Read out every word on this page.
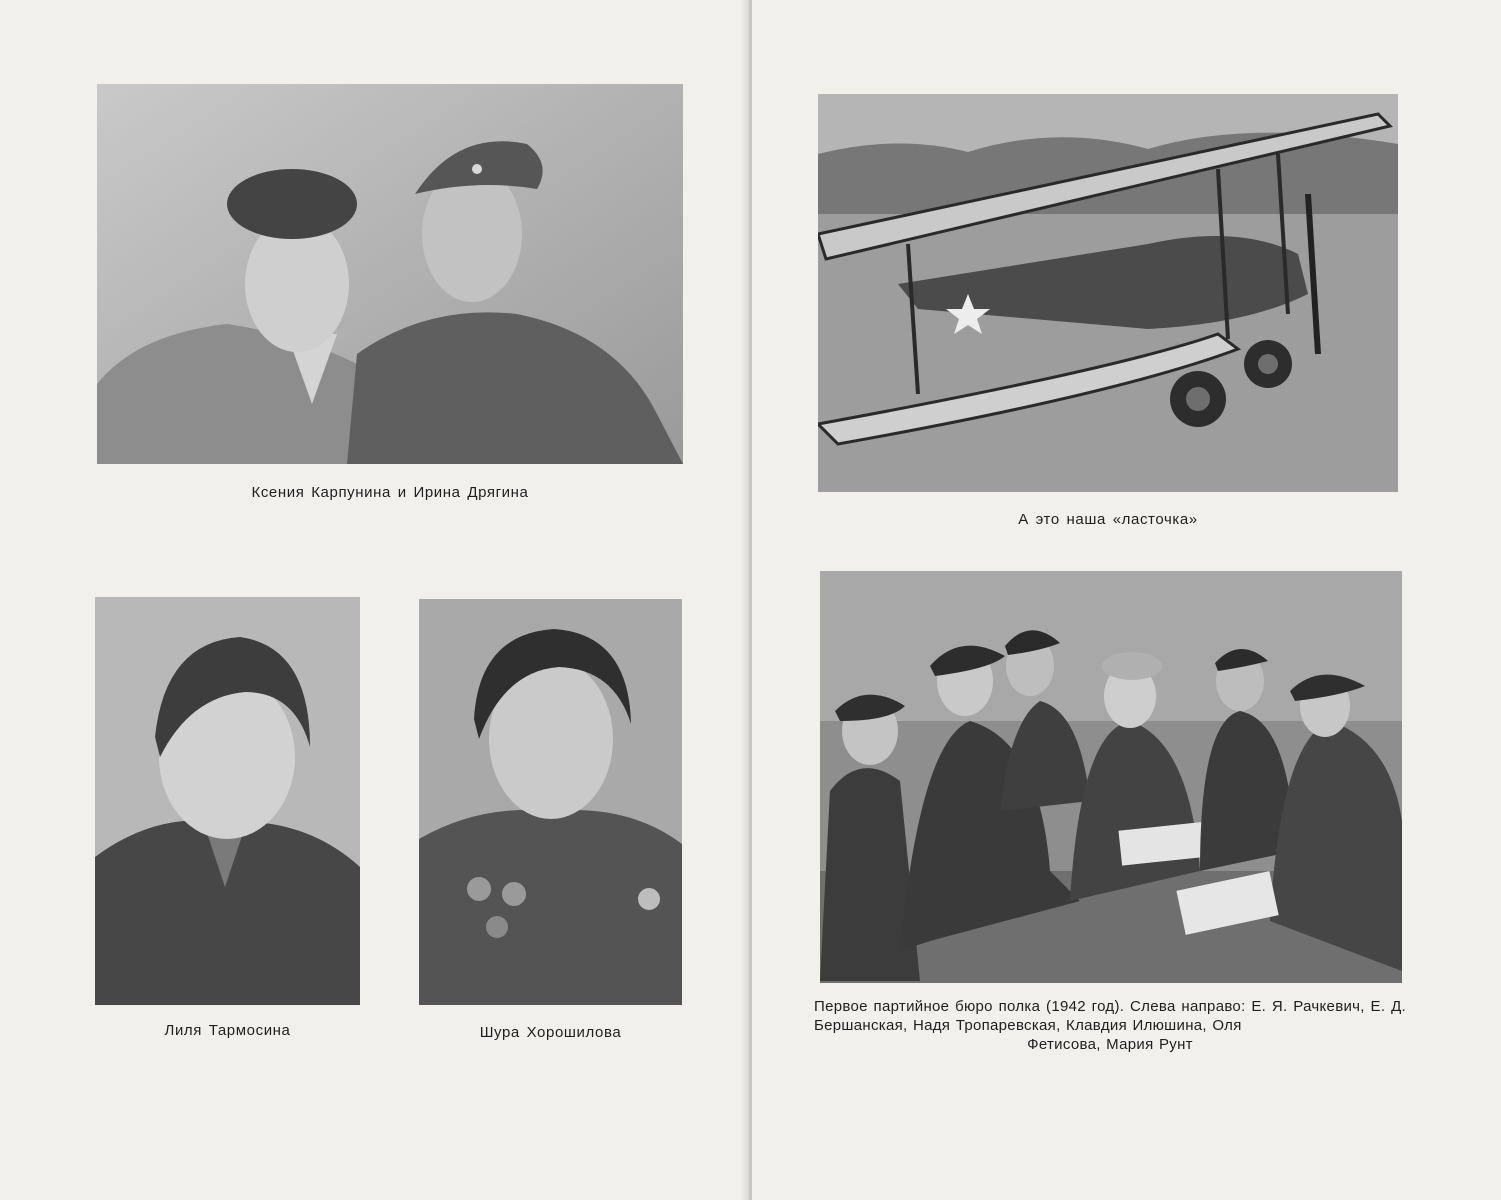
Ксения Карпунина и Ирина Дрягина
Лиля Тармосина	Шура Хорошилова
А это наша «ласточка»
Первое партийное бюро полка (1942 год). Слева направо: Е. Я. Рачкевич, Е. Д. Бершанская, Надя Тропаревская, Клавдия Илюшина, Оля
Фетисова, Мария Рунт
